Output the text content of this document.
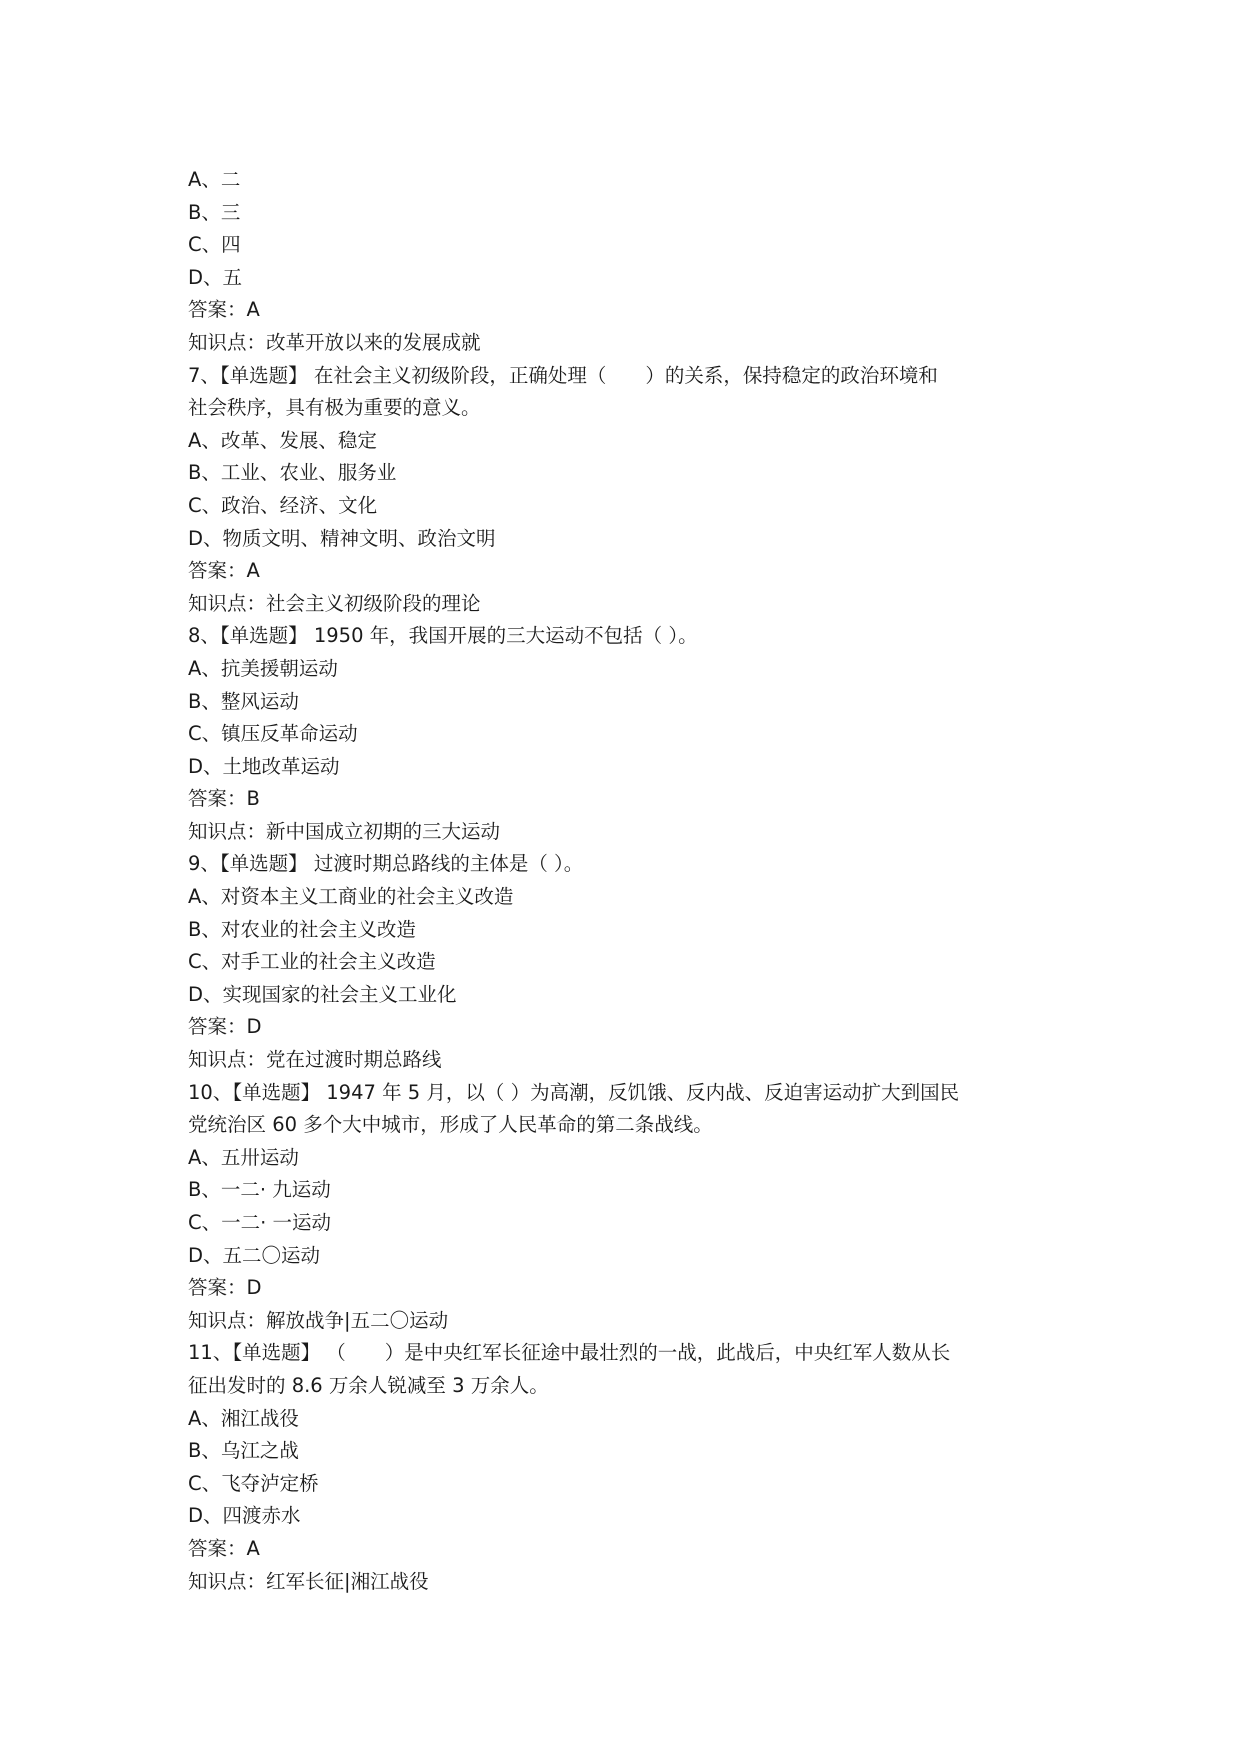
A、二
B、三
C、四
D、五
答案：A
知识点：改革开放以来的发展成就
7、【单选题】 在社会主义初级阶段，正确处理（　　）的关系，保持稳定的政治环境和
社会秩序，具有极为重要的意义。
A、改革、发展、稳定
B、工业、农业、服务业
C、政治、经济、文化
D、物质文明、精神文明、政治文明
答案：A
知识点：社会主义初级阶段的理论
8、【单选题】 1950 年，我国开展的三大运动不包括（ ）。
A、抗美援朝运动
B、整风运动
C、镇压反革命运动
D、土地改革运动
答案：B
知识点：新中国成立初期的三大运动
9、【单选题】 过渡时期总路线的主体是（ ）。
A、对资本主义工商业的社会主义改造
B、对农业的社会主义改造
C、对手工业的社会主义改造
D、实现国家的社会主义工业化
答案：D
知识点：党在过渡时期总路线
10、【单选题】 1947 年 5 月，以（ ）为高潮，反饥饿、反内战、反迫害运动扩大到国民
党统治区 60 多个大中城市，形成了人民革命的第二条战线。
A、五卅运动
B、一二· 九运动
C、一二· 一运动
D、五二〇运动
答案：D
知识点：解放战争|五二〇运动
11、【单选题】 （　　）是中央红军长征途中最壮烈的一战，此战后，中央红军人数从长
征出发时的 8.6 万余人锐减至 3 万余人。
A、湘江战役
B、乌江之战
C、飞夺泸定桥
D、四渡赤水
答案：A
知识点：红军长征|湘江战役
